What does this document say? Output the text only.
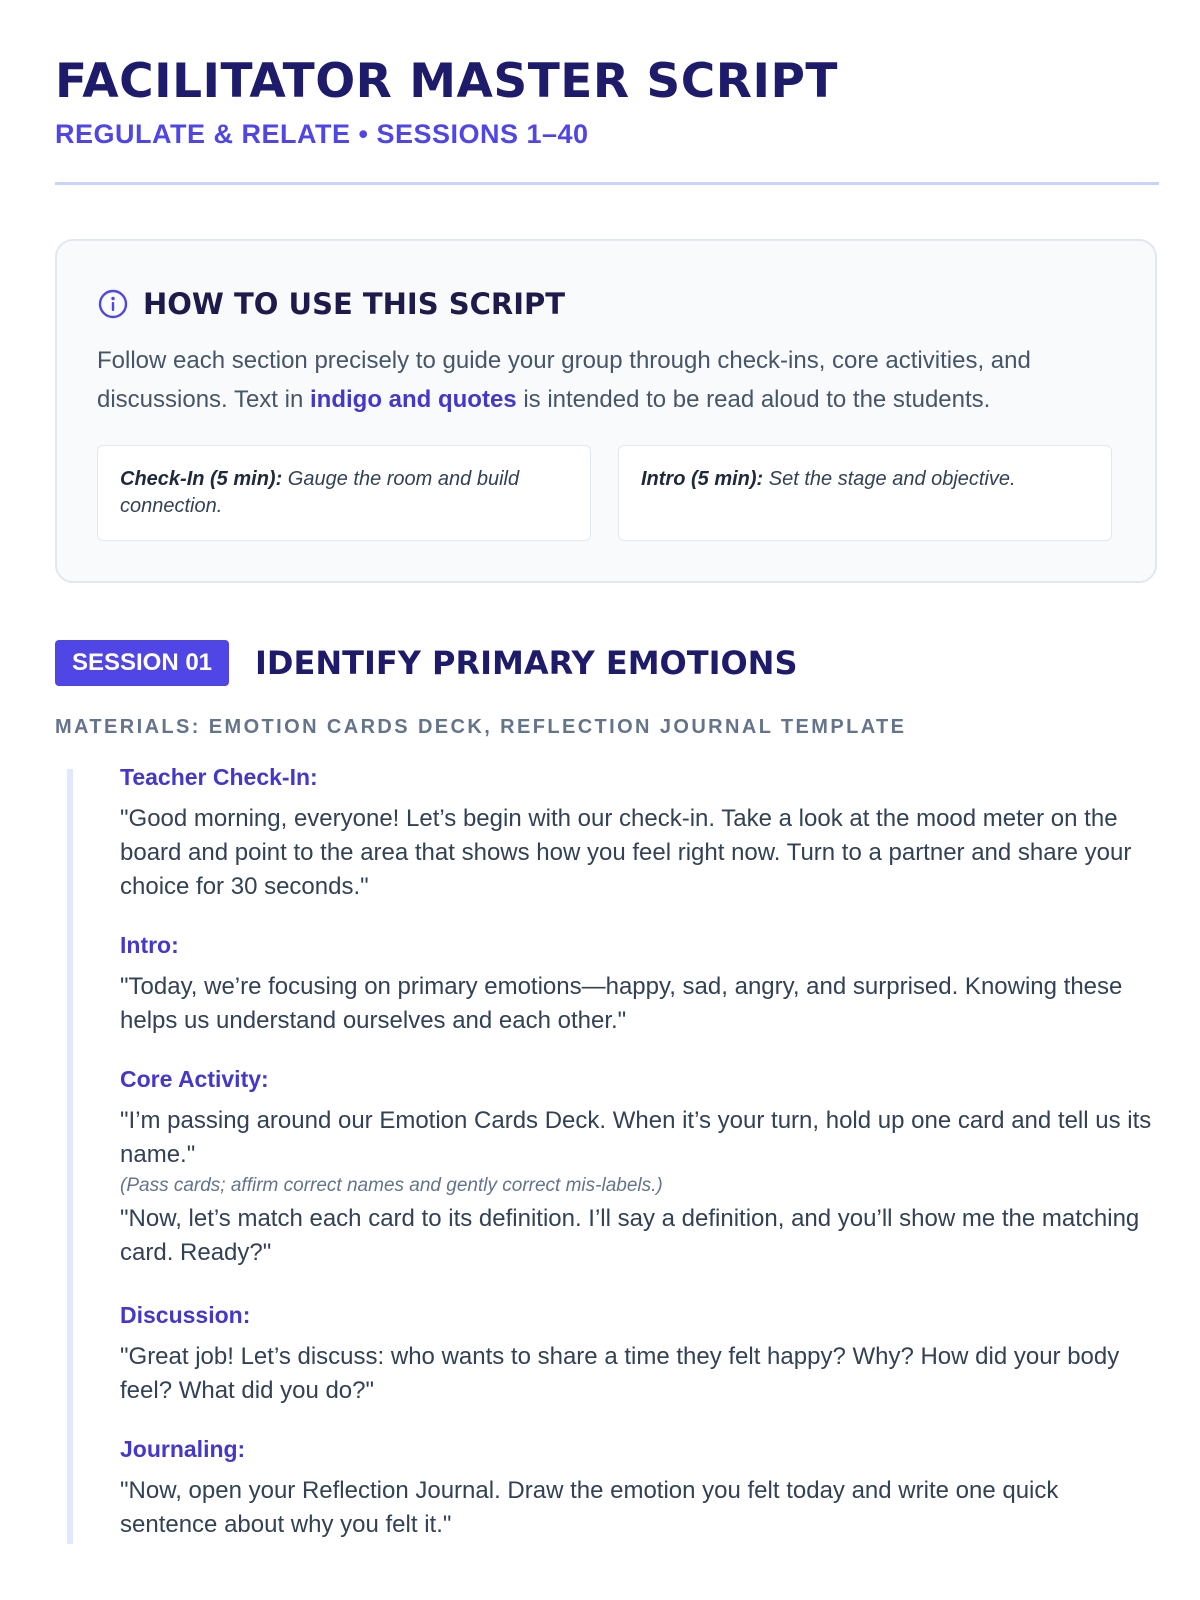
FACILITATOR MASTER SCRIPT
REGULATE & RELATE • SESSIONS 1–40
HOW TO USE THIS SCRIPT

Follow each section precisely to guide your group through check-ins, core activities, and discussions. Text in indigo and quotes is intended to be read aloud to the students.

Check-In (5 min): Gauge the room and build connection.
Intro (5 min): Set the stage and objective.
SESSION 01	IDENTIFY PRIMARY EMOTIONS
MATERIALS: EMOTION CARDS DECK, REFLECTION JOURNAL TEMPLATE
Teacher Check-In:
"Good morning, everyone! Let’s begin with our check-in. Take a look at the mood meter on the board and point to the area that shows how you feel right now. Turn to a partner and share your choice for 30 seconds."
Intro:
"Today, we’re focusing on primary emotions—happy, sad, angry, and surprised. Knowing these helps us understand ourselves and each other."
Core Activity:
"I’m passing around our Emotion Cards Deck. When it’s your turn, hold up one card and tell us its name."
(Pass cards; affirm correct names and gently correct mis-labels.)
"Now, let’s match each card to its definition. I’ll say a definition, and you’ll show me the matching card. Ready?"
Discussion:
"Great job! Let’s discuss: who wants to share a time they felt happy? Why? How did your body feel? What did you do?"
Journaling:
"Now, open your Reflection Journal. Draw the emotion you felt today and write one quick sentence about why you felt it."
